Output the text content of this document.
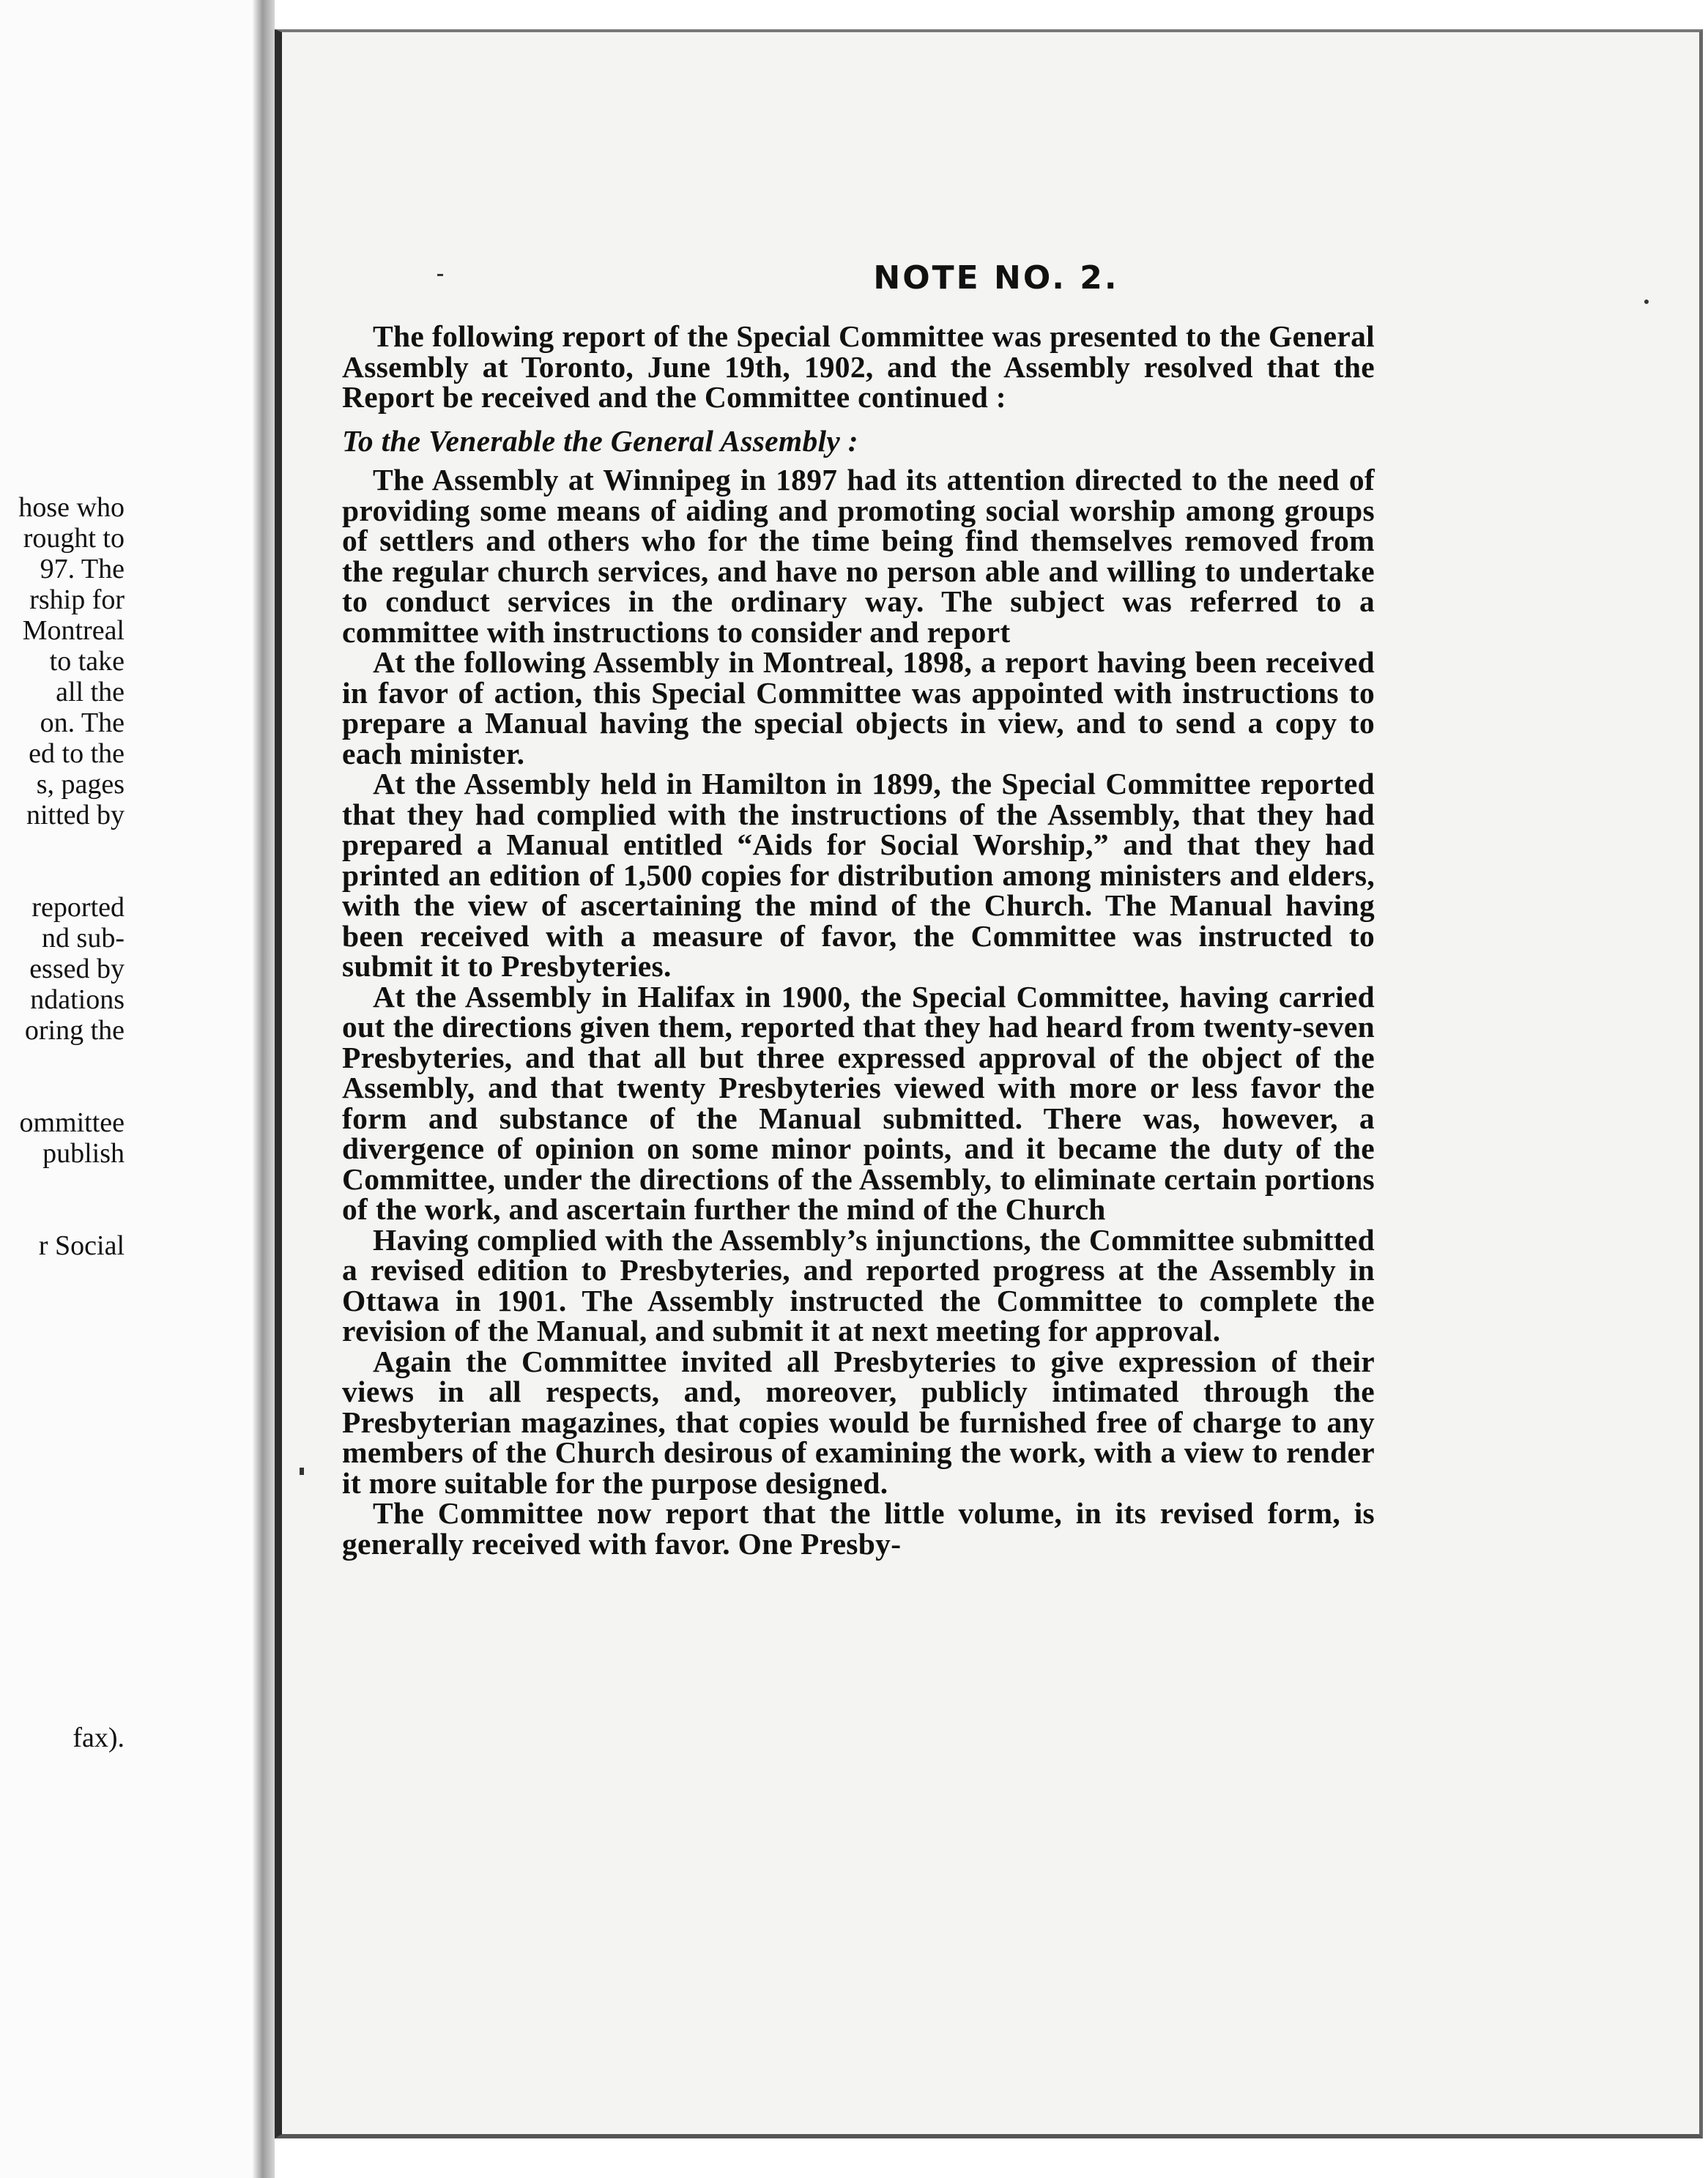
hose who
rought to
97. The
rship for
Montreal
to take
all the
on. The
ed to the
s, pages
nitted by

reported
nd sub-
essed by
ndations
oring the

ommittee
publish

r Social

fax).
NOTE NO. 2.

The following report of the Special Committee was presented to the General Assembly at Toronto, June 19th, 1902, and the Assembly resolved that the Report be received and the Committee continued :

To the Venerable the General Assembly :

The Assembly at Winnipeg in 1897 had its attention directed to the need of providing some means of aiding and promoting social worship among groups of settlers and others who for the time being find themselves removed from the regular church services, and have no person able and willing to undertake to conduct services in the ordinary way. The subject was referred to a committee with instructions to consider and report

At the following Assembly in Montreal, 1898, a report having been received in favor of action, this Special Committee was appointed with instructions to prepare a Manual having the special objects in view, and to send a copy to each minister.

At the Assembly held in Hamilton in 1899, the Special Committee reported that they had complied with the instructions of the Assembly, that they had prepared a Manual entitled “Aids for Social Worship,” and that they had printed an edition of 1,500 copies for distribution among ministers and elders, with the view of ascertaining the mind of the Church. The Manual having been received with a measure of favor, the Committee was instructed to submit it to Presbyteries.

At the Assembly in Halifax in 1900, the Special Committee, having carried out the directions given them, reported that they had heard from twenty-seven Presbyteries, and that all but three expressed approval of the object of the Assembly, and that twenty Presbyteries viewed with more or less favor the form and substance of the Manual submitted. There was, however, a divergence of opinion on some minor points, and it became the duty of the Committee, under the directions of the Assembly, to eliminate certain portions of the work, and ascertain further the mind of the Church

Having complied with the Assembly’s injunctions, the Committee submitted a revised edition to Presbyteries, and reported progress at the Assembly in Ottawa in 1901. The Assembly instructed the Committee to complete the revision of the Manual, and submit it at next meeting for approval.

Again the Committee invited all Presbyteries to give expression of their views in all respects, and, moreover, publicly intimated through the Presbyterian magazines, that copies would be furnished free of charge to any members of the Church desirous of examining the work, with a view to render it more suitable for the purpose designed.

The Committee now report that the little volume, in its revised form, is generally received with favor. One Presby-
